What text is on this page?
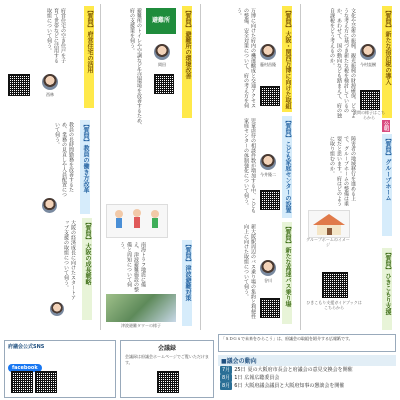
【質問】府営住宅の活用
府営住宅の空き住戸を子育て世帯などに活用する取組について伺う。
西林
【質問】教員の働き方改革
教員の長時間勤務を改善するため、業務の見直しや人員配置について伺う。
【質問】大阪の成長戦略
大阪の経済成長に向けたスタートアップ支援の取組について伺う。
【質問】避難所の環境改善
避難所
避難所のトイレや空調など生活環境を改善するため、府の支援策を伺う。
岡田
【質問】津波避難対策
南海トラフ地震に備え、津波避難施設の整備と周知について伺う。
津波避難タワーの様子
【質問】大阪・関西万博に向けた取組
万博に向けた府内の機運醸成と交通アクセスの整備、安全対策について、府の考え方を伺う。
藤村昌隆
【質問】こども家庭センターの設置
児童虐待の相談件数が増加する中、こども家庭センターの体制強化について伺う。	今井隆二
【質問】新たな高速バス乗り場
新大阪駅周辺のバス乗り場の集約と利便性向上に向けた取組について伺う。	谷川
【質問】新たな宿泊税の導入
公明
文化や芸術の振興、観光振興の財源確保、どのような考え方に基づき新たな税を検討しているのか、あわせて、国の動向なども踏まえて、府の独自課税をどう考えるのか。	今村直樹
質問の様子はこちらから
【質問】グループホーム
障害者の地域移行を進める上で、グループホームの整備は重要だと思います。府はどのように取り組むのか。
グループホームのイメージ
【質問】ひきこもり支援
ひきこもり支援ガイドブックはこちらから
府議会公式SNS
facebook
会議録
会議録は府議会ホームページでご覧いただけます。
「ＳＤＧｓで未来をひらこう」は、府議会の取組を紹介する広報紙です。
■議会の動向
7月 25日 夏の大阪府市長会と府議会の意見交換会を開催
8月 1日 広報広聴委員会
8月 6日 大阪府議会議員と大阪府知事の懇談会を開催
